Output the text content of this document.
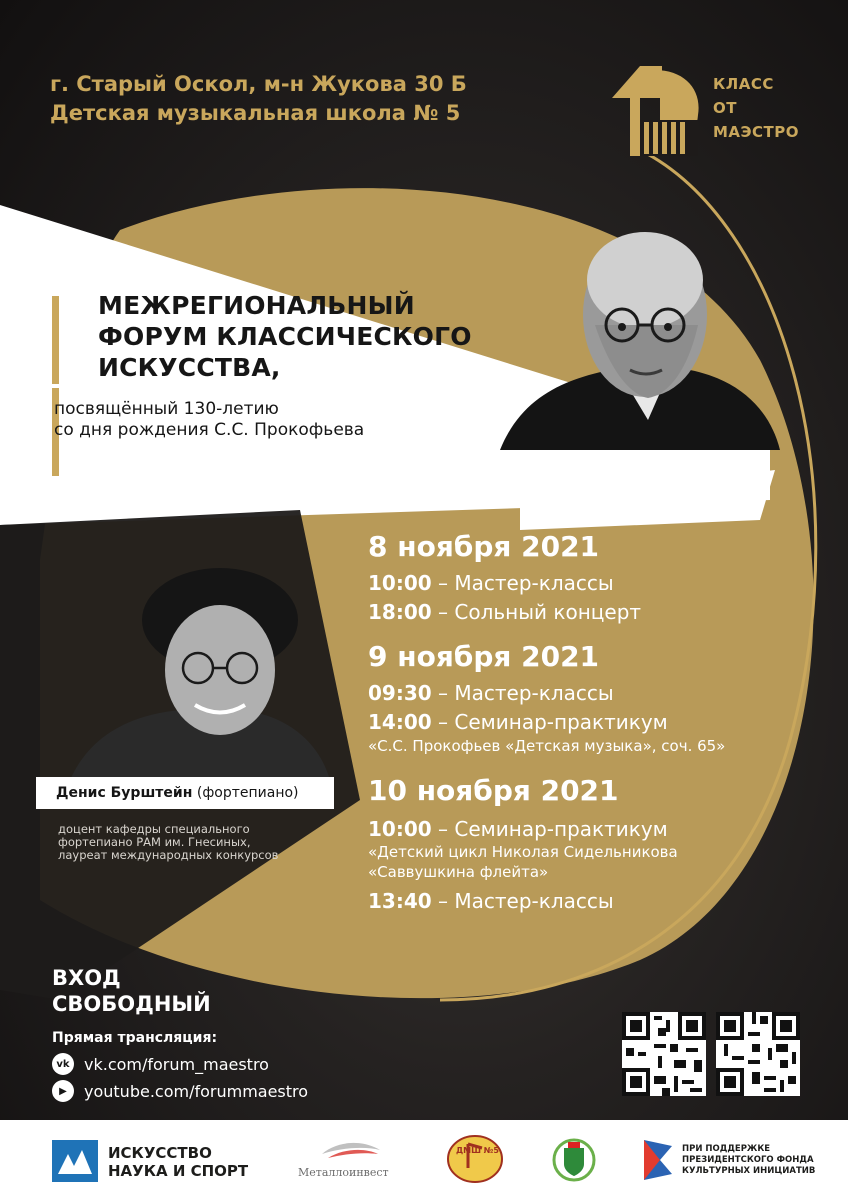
г. Старый Оскол, м-н Жукова 30 Б
Детская музыкальная школа № 5
КЛАСС
ОТ
МАЭСТРО
МЕЖРЕГИОНАЛЬНЫЙ
ФОРУМ КЛАССИЧЕСКОГО
ИСКУССТВА,
посвящённый 130-летию
со дня рождения С.С. Прокофьева
8 ноября 2021
10:00 – Мастер-классы
18:00 – Сольный концерт
9 ноября 2021
09:30 – Мастер-классы
14:00 – Семинар-практикум
«С.С. Прокофьев «Детская музыка», соч. 65»
10 ноября 2021
10:00 – Семинар-практикум
«Детский цикл Николая Сидельникова
«Саввушкина флейта»
13:40 – Мастер-классы
Денис Бурштейн (фортепиано)
доцент кафедры специального
фортепиано РАМ им. Гнесиных,
лауреат международных конкурсов
ВХОД
СВОБОДНЫЙ
Прямая трансляция:
vk vk.com/forum_maestro
▶	youtube.com/forummaestro
ИСКУССТВО
НАУКА И СПОРТ	Металлоинвест
ДМШ №5	ПРИ ПОДДЕРЖКЕ
ПРЕЗИДЕНТСКОГО ФОНДА
КУЛЬТУРНЫХ ИНИЦИАТИВ
